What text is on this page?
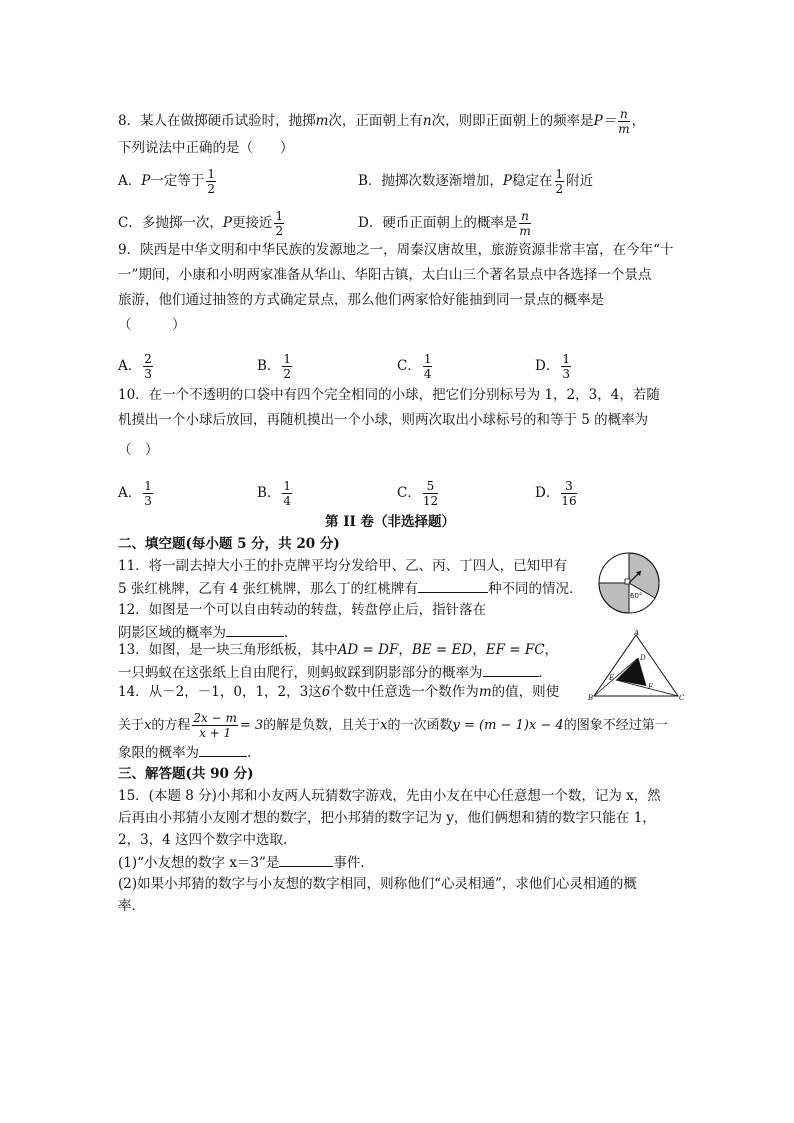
8．某人在做掷硬币试验时，抛掷m次，正面朝上有n次，则即正面朝上的频率是$P= \frac{n}{m}$ ，
下列说法中正确的是（　　）
A．P一定等于 $\frac{1}{2}$	B．抛掷次数逐渐增加，P稳定在 $\frac{1}{2}$ 附近
C．多抛掷一次，P更接近 $\frac{1}{2}$	D．硬币正面朝上的概率是 $\frac{n}{m}$
9．陕西是中华文明和中华民族的发源地之一，周秦汉唐故里，旅游资源非常丰富，在今年“十
一”期间，小康和小明两家准备从华山、华阳古镇，太白山三个著名景点中各选择一个景点
旅游，他们通过抽签的方式确定景点，那么他们两家恰好能抽到同一景点的概率是
（　　　）
A． $\frac{2}{3}$	B． $\frac{1}{2}$	C． $\frac{1}{4}$	D． $\frac{1}{3}$
10．在一个不透明的口袋中有四个完全相同的小球，把它们分别标号为 1，2，3，4，若随
机摸出一个小球后放回，再随机摸出一个小球，则两次取出小球标号的和等于 5 的概率为
（　）
A． $\frac{1}{3}$	B． $\frac{1}{4}$	C． $\frac{5}{12}$	D． $\frac{3}{16}$
第 II 卷（非选择题）
二、填空题(每小题 5 分，共 20 分)
11．将一副去掉大小王的扑克牌平均分发给甲、乙、丙、丁四人，已知甲有
5 张红桃牌，乙有 4 张红桃牌，那么丁的红桃牌有	种不同的情况．
12．如图是一个可以自由转动的转盘，转盘停止后，指针落在
阴影区域的概率为	．
13．如图，是一块三角形纸板，其中AD = DF，BE = ED，EF = FC，
一只蚂蚁在这张纸上自由爬行，则蚂蚁踩到阴影部分的概率为	．
14．从－2，－1，0，1，2，3这6个数中任意选一个数作为m的值，则使
关于x的方程 $\frac{2x - m}{x + 1} = 3$的解是负数，且关于x的一次函数y = (m − 1)x − 4的图象不经过第一
象限的概率为	．
三、解答题(共 90 分)
15．(本题 8 分)小邦和小友两人玩猜数字游戏，先由小友在中心任意想一个数，记为 x，然
后再由小邦猜小友刚才想的数字，把小邦猜的数字记为 y，他们俩想和猜的数字只能在 1，
2，3，4 这四个数字中选取．
(1)“小友想的数字 x＝3”是	事件．
(2)如果小邦猜的数字与小友想的数字相同，则称他们“心灵相通”，求他们心灵相通的概
率．
60°
A
B	C
D
E
F
